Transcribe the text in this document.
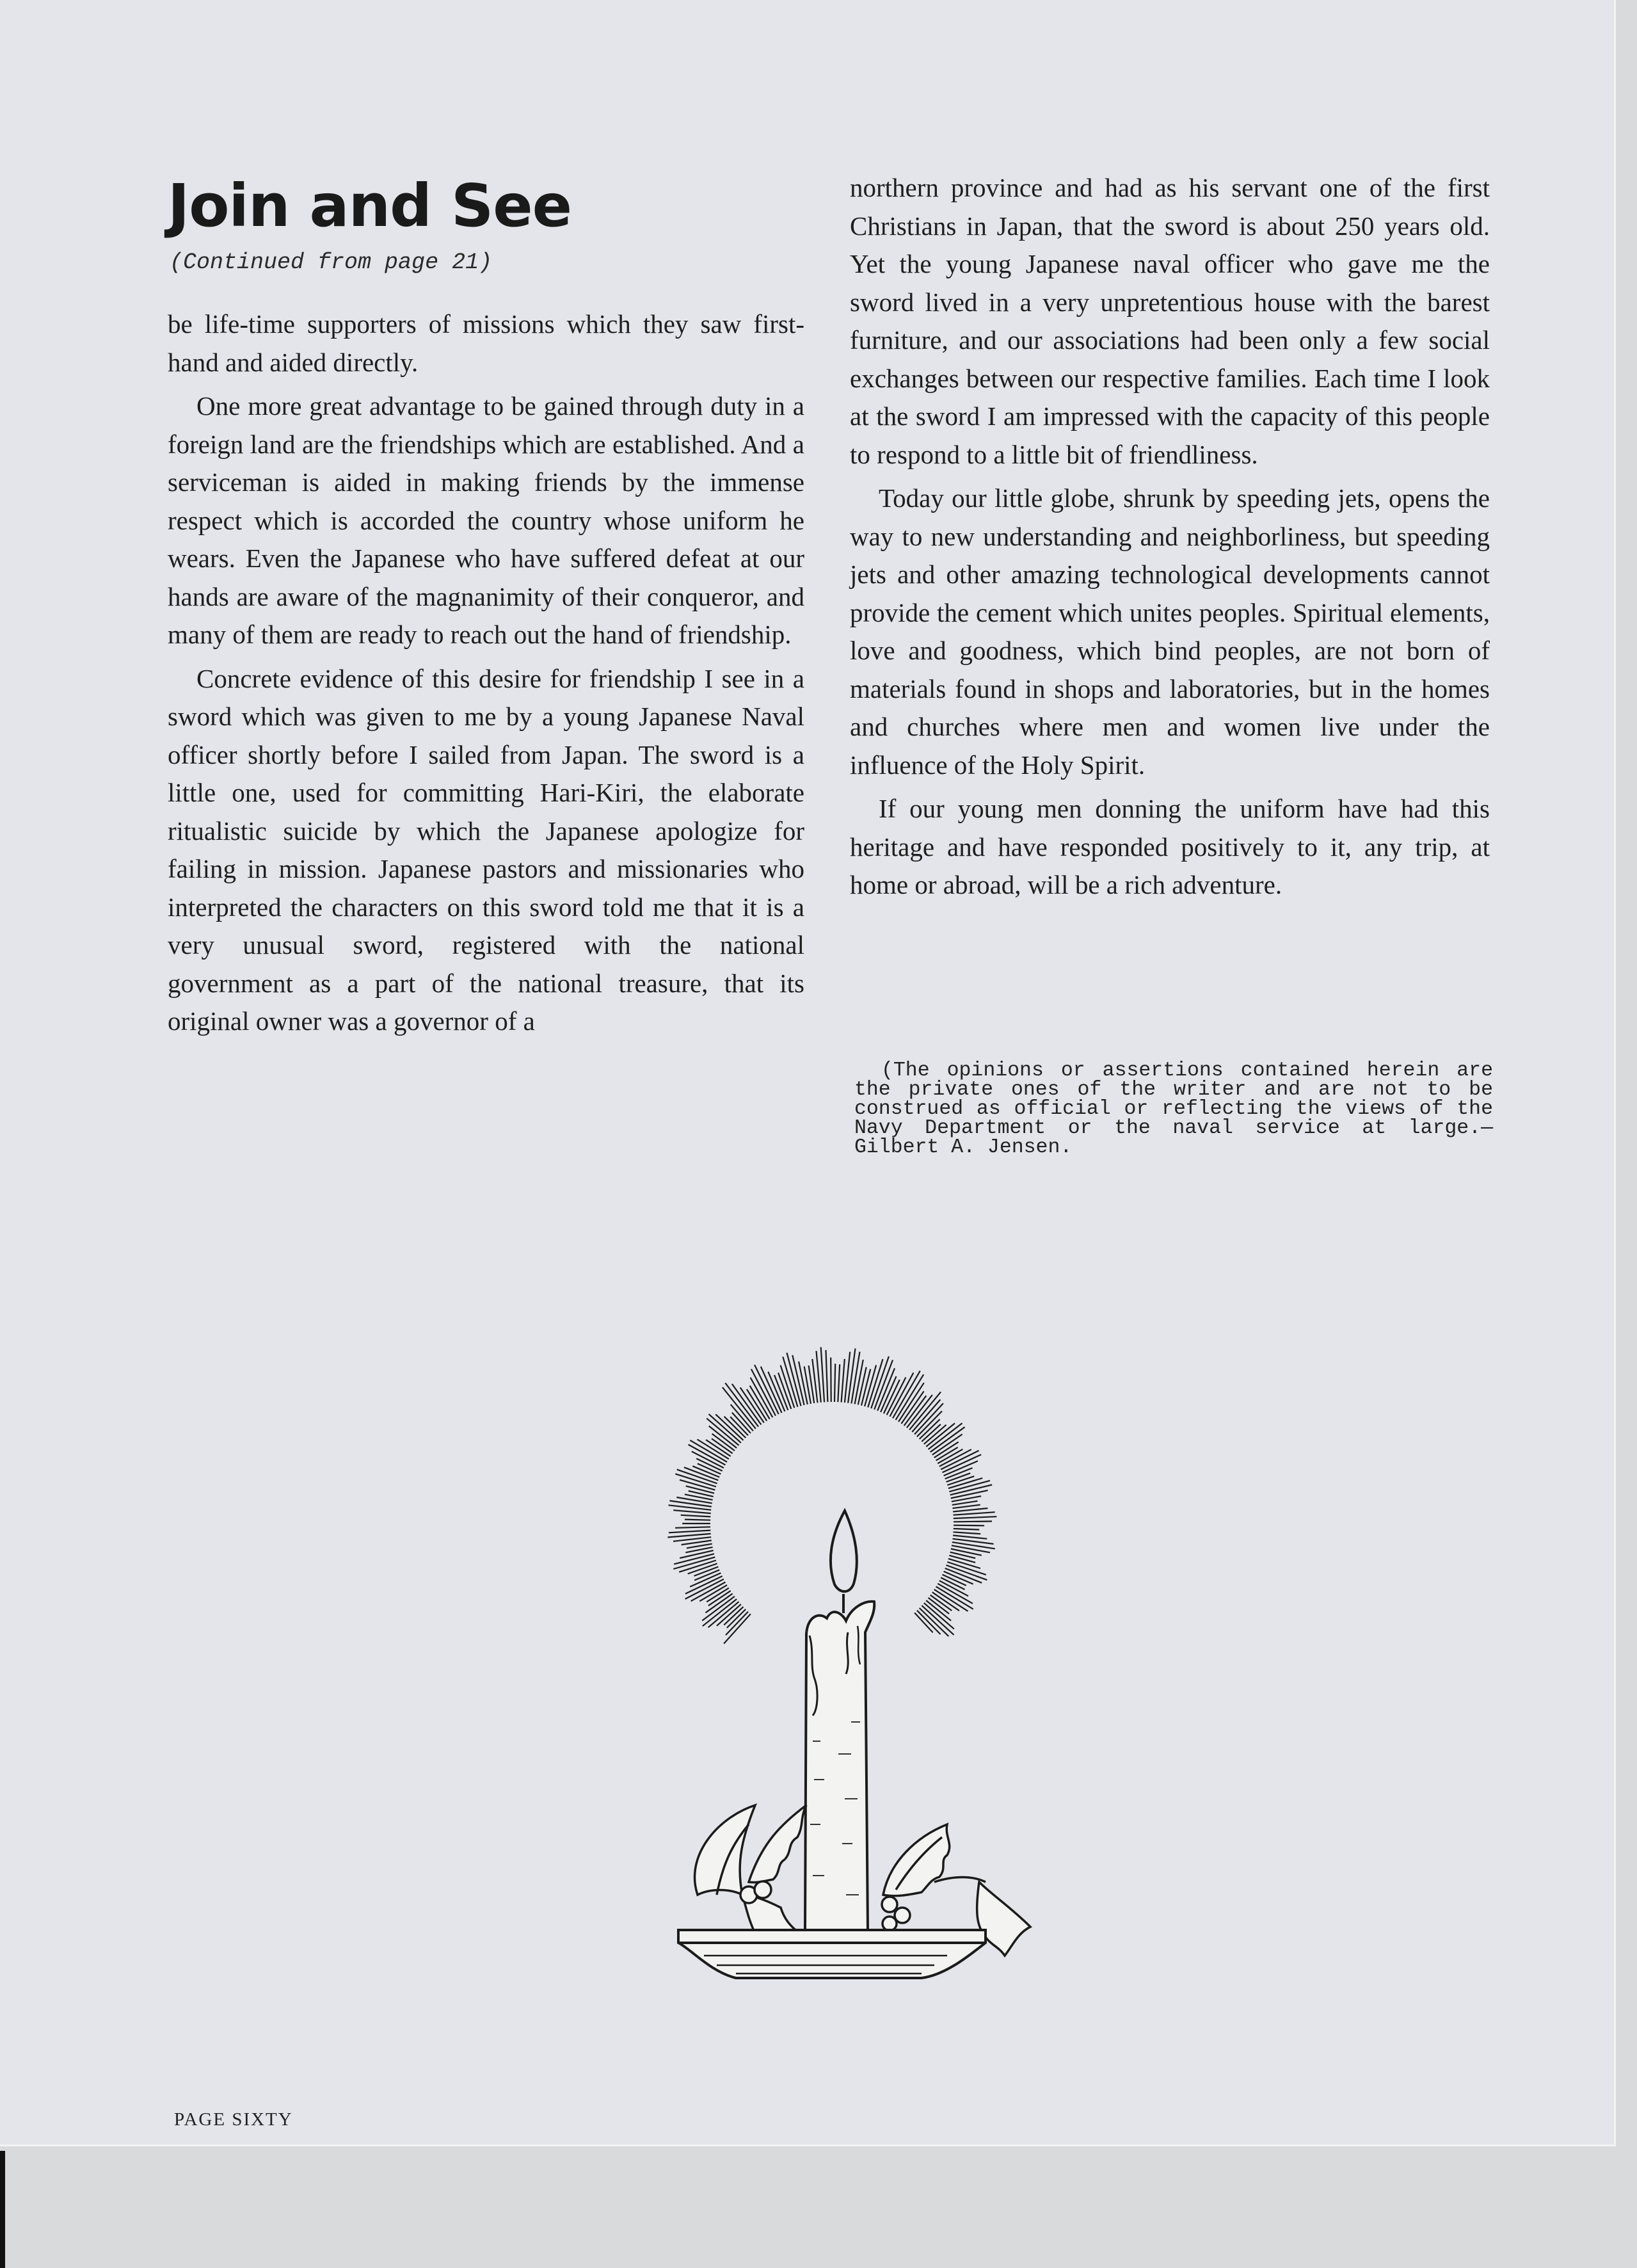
Join and See
(Continued from page 21)

be life-time supporters of missions which they saw first-hand and aided directly.

One more great advantage to be gained through duty in a foreign land are the friendships which are established. And a serviceman is aided in making friends by the immense respect which is accorded the country whose uniform he wears. Even the Japanese who have suffered defeat at our hands are aware of the magnanimity of their conqueror, and many of them are ready to reach out the hand of friendship.

Concrete evidence of this desire for friendship I see in a sword which was given to me by a young Japanese Naval officer shortly before I sailed from Japan. The sword is a little one, used for committing Hari-Kiri, the elaborate ritualistic suicide by which the Japanese apologize for failing in mission. Japanese pastors and missionaries who interpreted the characters on this sword told me that it is a very unusual sword, registered with the national government as a part of the national treasure, that its original owner was a governor of a

northern province and had as his servant one of the first Christians in Japan, that the sword is about 250 years old. Yet the young Japanese naval officer who gave me the sword lived in a very unpretentious house with the barest furniture, and our associations had been only a few social exchanges between our respective families. Each time I look at the sword I am impressed with the capacity of this people to respond to a little bit of friendliness.

Today our little globe, shrunk by speeding jets, opens the way to new understanding and neighborliness, but speeding jets and other amazing technological developments cannot provide the cement which unites peoples. Spiritual elements, love and goodness, which bind peoples, are not born of materials found in shops and laboratories, but in the homes and churches where men and women live under the influence of the Holy Spirit.

If our young men donning the uniform have had this heritage and have responded positively to it, any trip, at home or abroad, will be a rich adventure.

(The opinions or assertions contained herein are the private ones of the writer and are not to be construed as official or reflecting the views of the Navy Department or the naval service at large.—Gilbert A. Jensen.
PAGE SIXTY
